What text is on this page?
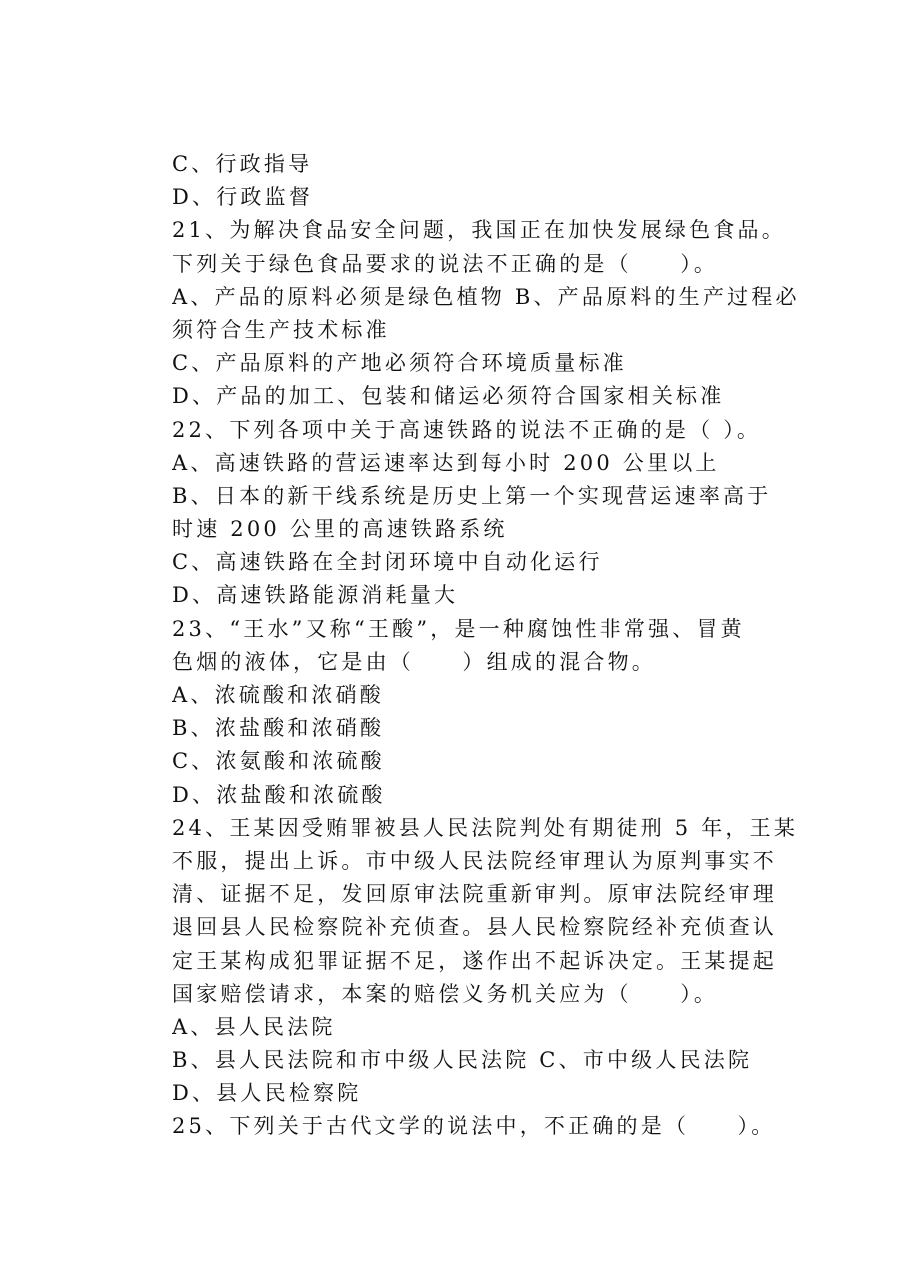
C、行政指导
D、行政监督
21、为解决食品安全问题，我国正在加快发展绿色食品。
下列关于绿色食品要求的说法不正确的是（　　）。
A、产品的原料必须是绿色植物 B、产品原料的生产过程必
须符合生产技术标准
C、产品原料的产地必须符合环境质量标准
D、产品的加工、包装和储运必须符合国家相关标准
22、下列各项中关于高速铁路的说法不正确的是（ ）。
A、高速铁路的营运速率达到每小时 200 公里以上
B、日本的新干线系统是历史上第一个实现营运速率高于
时速 200 公里的高速铁路系统
C、高速铁路在全封闭环境中自动化运行
D、高速铁路能源消耗量大
23、“王水”又称“王酸”，是一种腐蚀性非常强、冒黄
色烟的液体，它是由（　　）组成的混合物。
A、浓硫酸和浓硝酸
B、浓盐酸和浓硝酸
C、浓氨酸和浓硫酸
D、浓盐酸和浓硫酸
24、王某因受贿罪被县人民法院判处有期徒刑 5 年，王某
不服，提出上诉。市中级人民法院经审理认为原判事实不
清、证据不足，发回原审法院重新审判。原审法院经审理
退回县人民检察院补充侦查。县人民检察院经补充侦查认
定王某构成犯罪证据不足，遂作出不起诉决定。王某提起
国家赔偿请求，本案的赔偿义务机关应为（　　）。
A、县人民法院
B、县人民法院和市中级人民法院 C、市中级人民法院
D、县人民检察院
25、下列关于古代文学的说法中，不正确的是（　　）。
